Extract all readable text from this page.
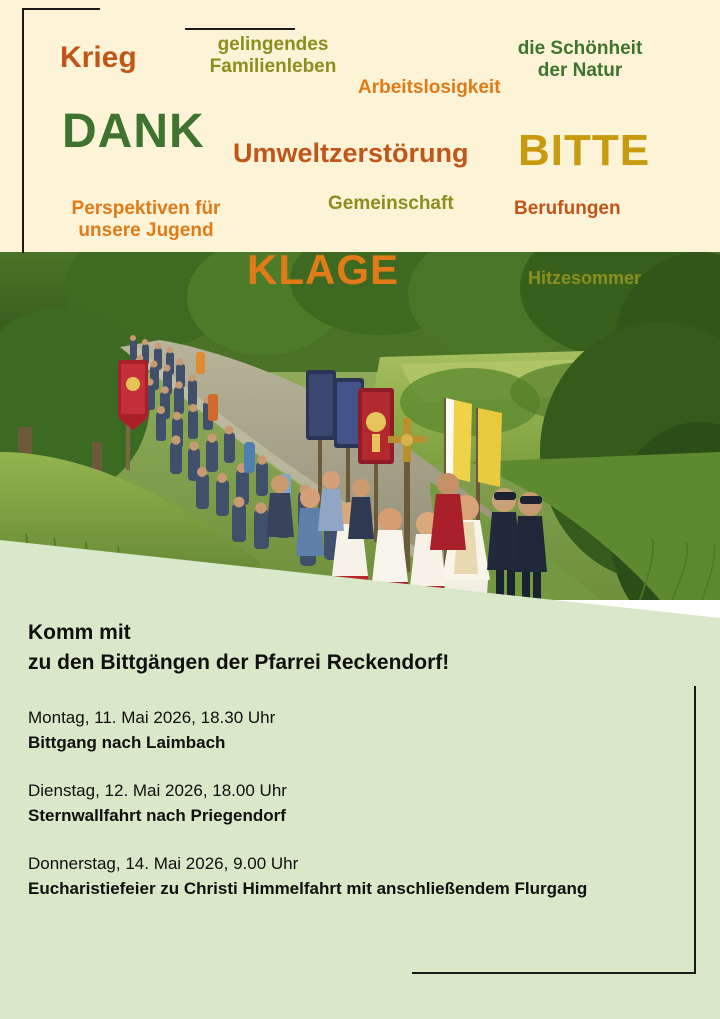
Krieg	gelingendes
Familienleben
Arbeitslosigkeit
die Schönheit
der Natur
DANK Umweltzerstörung BITTE
Perspektiven für
unsere Jugend
Gemeinschaft	Berufungen
KLAGE	Hitzesommer
Komm mit
zu den Bittgängen der Pfarrei Reckendorf!
Montag, 11. Mai 2026, 18.30 Uhr
Bittgang nach Laimbach
Dienstag, 12. Mai 2026, 18.00 Uhr
Sternwallfahrt nach Priegendorf
Donnerstag, 14. Mai 2026, 9.00 Uhr
Eucharistiefeier zu Christi Himmelfahrt mit anschließendem Flurgang
